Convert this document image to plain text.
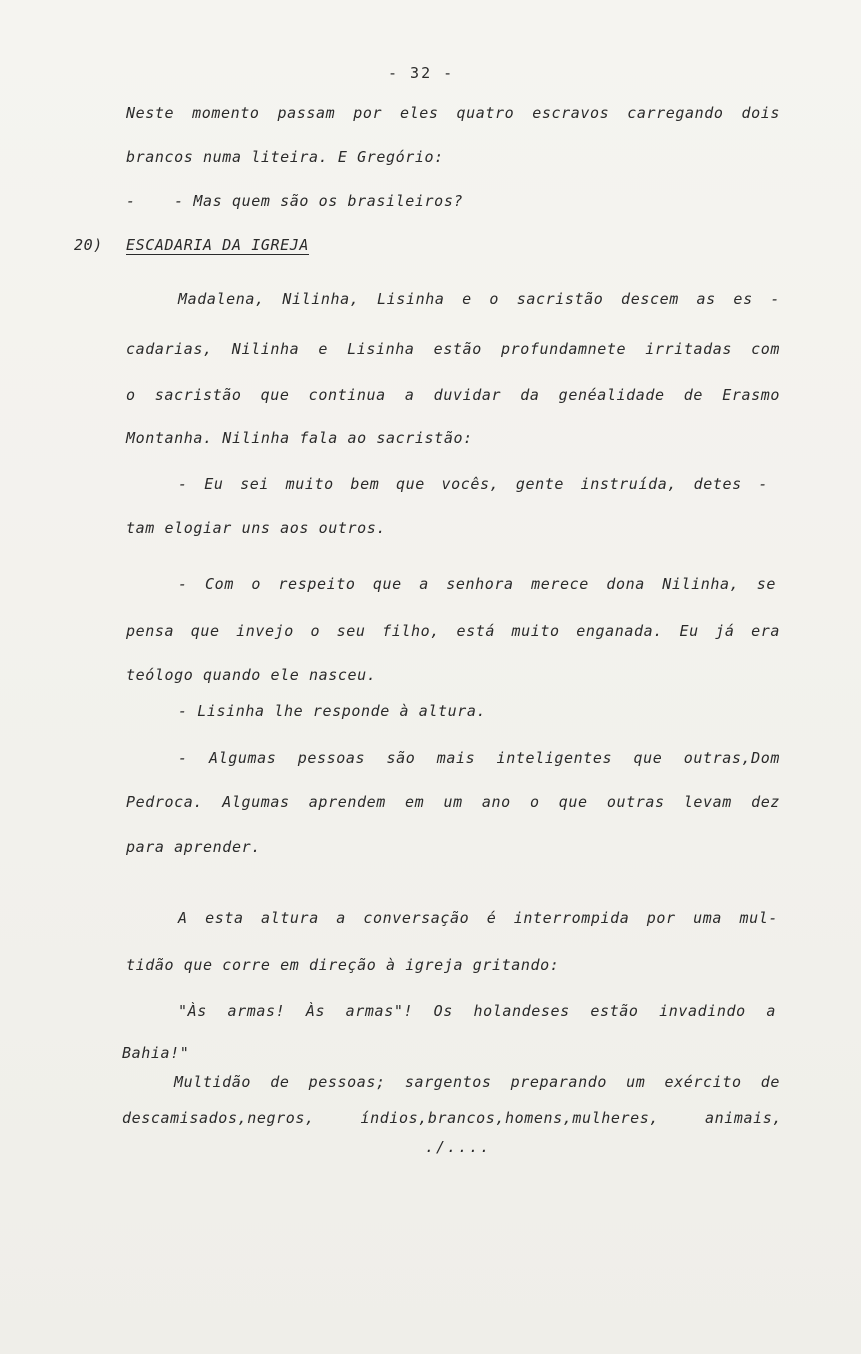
- 32 -
Neste momento passam por eles quatro escravos carregando dois
brancos numa liteira. E Gregório:
-    - Mas quem são os brasileiros?
20) ESCADARIA DA IGREJA
Madalena, Nilinha, Lisinha e o sacristão descem as es -
cadarias, Nilinha e Lisinha estão profundamnete irritadas com
o sacristão que continua a duvidar da genéalidade de Erasmo
Montanha. Nilinha fala ao sacristão:
- Eu sei muito bem que vocês, gente instruída, detes -
tam elogiar uns aos outros.
- Com o respeito que a senhora merece dona Nilinha, se
pensa que invejo o seu filho, está muito enganada. Eu já era
teólogo quando ele nasceu.
- Lisinha lhe responde à altura.
- Algumas pessoas são mais inteligentes que outras,Dom
Pedroca. Algumas aprendem em um ano o que outras levam dez
para aprender.
A esta altura a conversação é interrompida por uma mul-
tidão que corre em direção à igreja gritando:
"Às armas! Às armas"! Os holandeses estão invadindo a
Bahia!"
Multidão de pessoas; sargentos preparando um exército de
descamisados,negros, índios,brancos,homens,mulheres, animais,
./....
